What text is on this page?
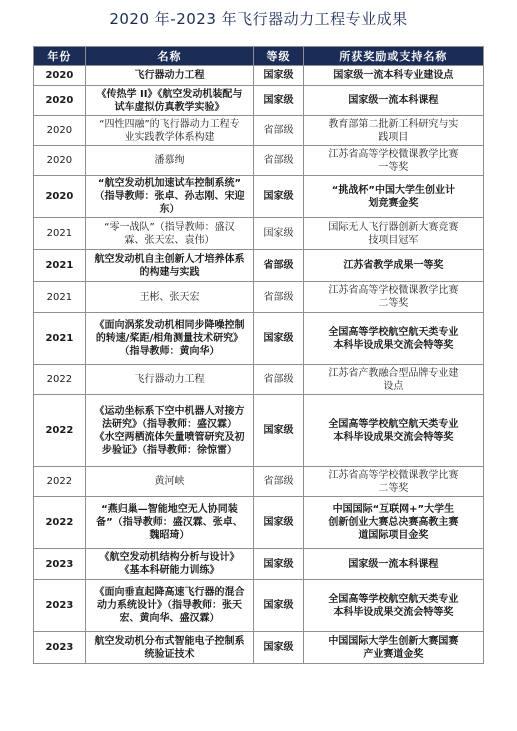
2020 年-2023 年飞行器动力工程专业成果
年份	名称	等级	所获奖励或支持名称
2020	飞行器动力工程	国家级	国家级一流本科专业建设点

2020	《传热学 II》《航空发动机装配与
试车虚拟仿真教学实验》	国家级	国家级一流本科课程

2020	“四性四融”的飞行器动力工程专
业实践教学体系构建	省部级	教育部第二批新工科研究与实
践项目

2020	潘慕绚	省部级	江苏省高等学校微课教学比赛
一等奖

2020	“航空发动机加速试车控制系统”
（指导教师：张卓、孙志刚、宋迎
东）	国家级	“挑战杯”中国大学生创业计
划竞赛金奖

2021	“零一战队”（指导教师：盛汉
霖、张天宏、袁伟）	国家级	国际无人飞行器创新大赛竞赛
技项目冠军

2021	航空发动机自主创新人才培养体系
的构建与实践	省部级	江苏省教学成果一等奖

2021	王彬、张天宏	省部级	江苏省高等学校微课教学比赛
二等奖

2021	《面向涡浆发动机相同步降噪控制
的转速/桨距/相角测量技术研究》
（指导教师：黄向华）	国家级	全国高等学校航空航天类专业
本科毕设成果交流会特等奖

2022	飞行器动力工程	省部级	江苏省产教融合型品牌专业建
设点

2022	《运动坐标系下空中机器人对接方
法研究》（指导教师：盛汉霖）
《水空两栖流体矢量喷管研究及初
步验证》（指导教师：徐惊雷）	国家级	全国高等学校航空航天类专业
本科毕设成果交流会特等奖

2022	黄河峡	省部级	江苏省高等学校微课教学比赛
二等奖

2022	“燕归巢—智能地空无人协同装
备”（指导教师：盛汉霖、张卓、
魏昭琦）	国家级	中国国际“互联网+”大学生
创新创业大赛总决赛高教主赛
道国际项目金奖

2023	《航空发动机结构分析与设计》
《基本科研能力训练》	国家级	国家级一流本科课程

2023	《面向垂直起降高速飞行器的混合
动力系统设计》（指导教师：张天
宏、黄向华、盛汉霖）	国家级	全国高等学校航空航天类专业
本科毕设成果交流会特等奖

2023	航空发动机分布式智能电子控制系
统验证技术	国家级	中国国际大学生创新大赛国赛
产业赛道金奖
